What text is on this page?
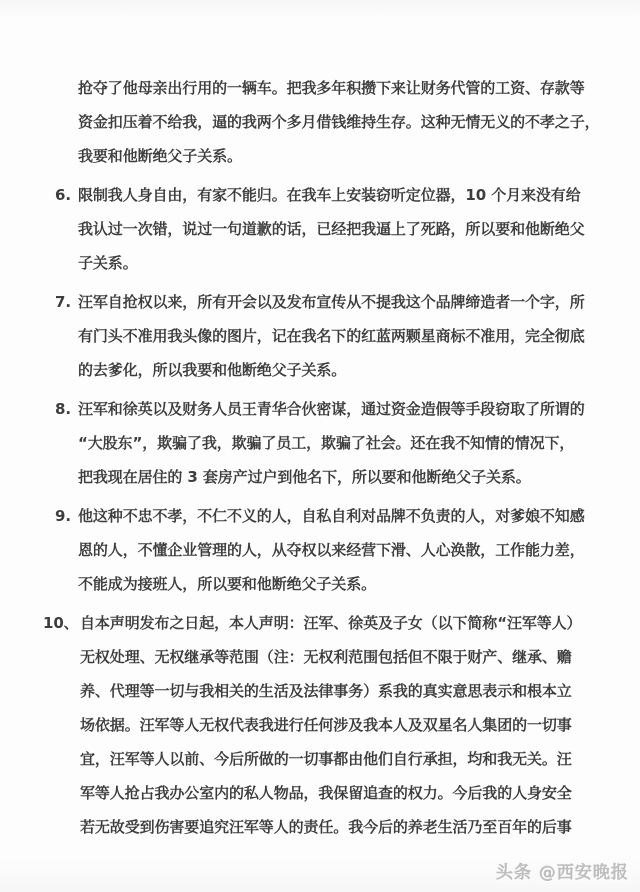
抢夺了他母亲出行用的一辆车。把我多年积攒下来让财务代管的工资、存款等
资金扣压着不给我，逼的我两个多月借钱维持生存。这种无情无义的不孝之子，
我要和他断绝父子关系。
6. 限制我人身自由，有家不能归。在我车上安装窃听定位器，10 个月来没有给
我认过一次错，说过一句道歉的话，已经把我逼上了死路，所以要和他断绝父
子关系。
7. 汪军自抢权以来，所有开会以及发布宣传从不提我这个品牌缔造者一个字，所
有门头不准用我头像的图片，记在我名下的红蓝两颗星商标不准用，完全彻底
的去爹化，所以我要和他断绝父子关系。
8. 汪军和徐英以及财务人员王青华合伙密谋，通过资金造假等手段窃取了所谓的
“大股东”，欺骗了我，欺骗了员工，欺骗了社会。还在我不知情的情况下，
把我现在居住的 3 套房产过户到他名下，所以要和他断绝父子关系。
9. 他这种不忠不孝，不仁不义的人，自私自利对品牌不负责的人，对爹娘不知感
恩的人，不懂企业管理的人，从夺权以来经营下滑、人心涣散，工作能力差，
不能成为接班人，所以要和他断绝父子关系。
10、 自本声明发布之日起，本人声明：汪军、徐英及子女（以下简称“汪军等人）
无权处理、无权继承等范围（注：无权利范围包括但不限于财产、继承、赡
养、代理等一切与我相关的生活及法律事务）系我的真实意思表示和根本立
场依据。汪军等人无权代表我进行任何涉及我本人及双星名人集团的一切事
宜，汪军等人以前、今后所做的一切事都由他们自行承担，均和我无关。汪
军等人抢占我办公室内的私人物品，我保留追查的权力。今后我的人身安全
若无故受到伤害要追究汪军等人的责任。我今后的养老生活乃至百年的后事
头条 @西安晚报
